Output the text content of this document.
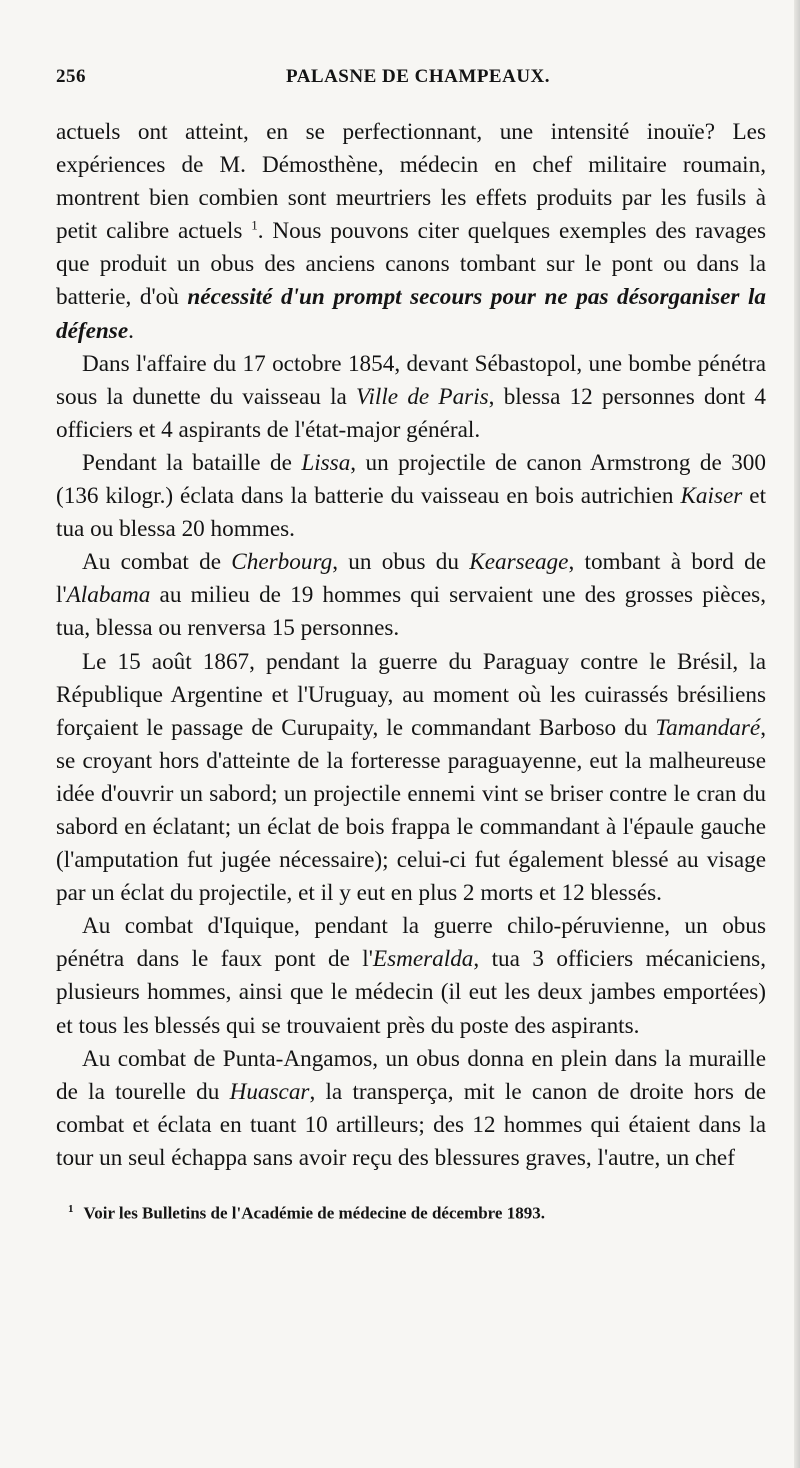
256	PALASNE DE CHAMPEAUX.

actuels ont atteint, en se perfectionnant, une intensité inouïe? Les expériences de M. Démosthène, médecin en chef militaire roumain, montrent bien combien sont meurtriers les effets produits par les fusils à petit calibre actuels $^1$. Nous pouvons citer quelques exemples des ravages que produit un obus des anciens canons tombant sur le pont ou dans la batterie, d'où nécessité d'un prompt secours pour ne pas désorganiser la défense.

Dans l'affaire du 17 octobre 1854, devant Sébastopol, une bombe pénétra sous la dunette du vaisseau la Ville de Paris, blessa 12 personnes dont 4 officiers et 4 aspirants de l'état-major général.

Pendant la bataille de Lissa, un projectile de canon Armstrong de 300 (136 kilogr.) éclata dans la batterie du vaisseau en bois autrichien Kaiser et tua ou blessa 20 hommes.

Au combat de Cherbourg, un obus du Kearseage, tombant à bord de l'Alabama au milieu de 19 hommes qui servaient une des grosses pièces, tua, blessa ou renversa 15 personnes.

Le 15 août 1867, pendant la guerre du Paraguay contre le Brésil, la République Argentine et l'Uruguay, au moment où les cuirassés brésiliens forçaient le passage de Curupaity, le commandant Barboso du Tamandaré, se croyant hors d'atteinte de la forteresse paraguayenne, eut la malheureuse idée d'ouvrir un sabord; un projectile ennemi vint se briser contre le cran du sabord en éclatant; un éclat de bois frappa le commandant à l'épaule gauche (l'amputation fut jugée nécessaire); celui-ci fut également blessé au visage par un éclat du projectile, et il y eut en plus 2 morts et 12 blessés.

Au combat d'Iquique, pendant la guerre chilo-péruvienne, un obus pénétra dans le faux pont de l'Esmeralda, tua 3 officiers mécaniciens, plusieurs hommes, ainsi que le médecin (il eut les deux jambes emportées) et tous les blessés qui se trouvaient près du poste des aspirants.

Au combat de Punta-Angamos, un obus donna en plein dans la muraille de la tourelle du Huascar, la transperça, mit le canon de droite hors de combat et éclata en tuant 10 artilleurs; des 12 hommes qui étaient dans la tour un seul échappa sans avoir reçu des blessures graves, l'autre, un chef

$^1$ Voir les Bulletins de l'Académie de médecine de décembre 1893.
